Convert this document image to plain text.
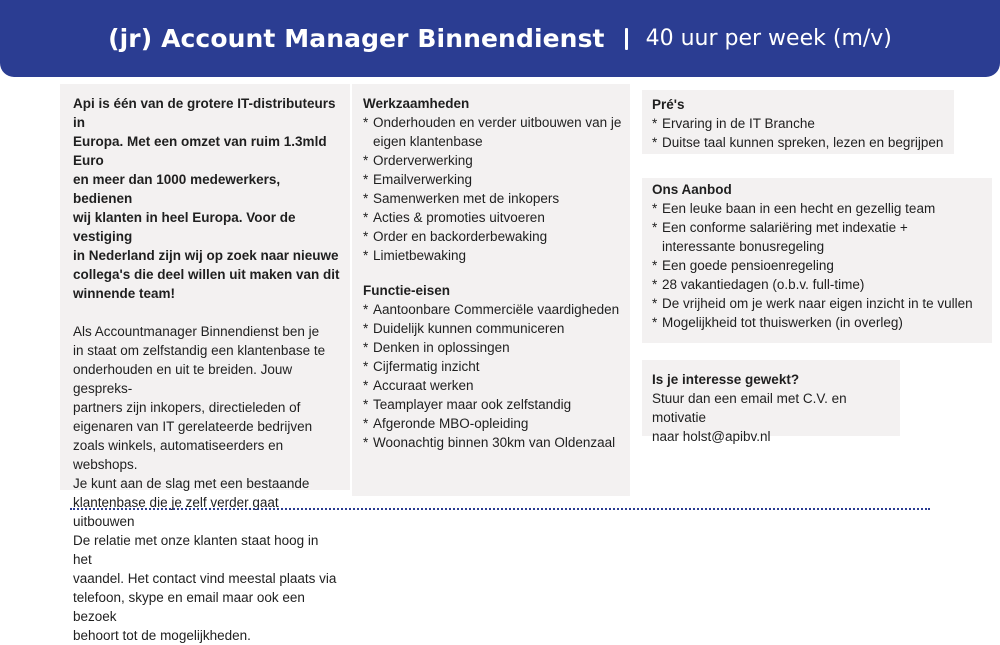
(jr) Account Manager Binnendienst 40 uur per week (m/v)

Api is één van de grotere IT-distributeurs in
Europa. Met een omzet van ruim 1.3mld Euro
en meer dan 1000 medewerkers, bedienen
wij klanten in heel Europa. Voor de vestiging
in Nederland zijn wij op zoek naar nieuwe
collega's die deel willen uit maken van dit
winnende team!

Als Accountmanager Binnendienst ben je
in staat om zelfstandig een klantenbase te
onderhouden en uit te breiden. Jouw gespreks-
partners zijn inkopers, directieleden of
eigenaren van IT gerelateerde bedrijven
zoals winkels, automatiseerders en webshops.
Je kunt aan de slag met een bestaande
klantenbase die je zelf verder gaat uitbouwen
De relatie met onze klanten staat hoog in het
vaandel. Het contact vind meestal plaats via
telefoon, skype en email maar ook een bezoek
behoort tot de mogelijkheden.

Werkzaamheden

* Onderhouden en verder uitbouwen van je
eigen klantenbase
* Orderverwerking
* Emailverwerking
* Samenwerken met de inkopers
* Acties & promoties uitvoeren
* Order en backorderbewaking
* Limietbewaking

Functie-eisen

* Aantoonbare Commerciële vaardigheden
* Duidelijk kunnen communiceren
* Denken in oplossingen
* Cijfermatig inzicht
* Accuraat werken
* Teamplayer maar ook zelfstandig
* Afgeronde MBO-opleiding
* Woonachtig binnen 30km van Oldenzaal

Pré's

* Ervaring in de IT Branche
* Duitse taal kunnen spreken, lezen en begrijpen

Ons Aanbod

* Een leuke baan in een hecht en gezellig team
* Een conforme salariëring met indexatie +
interessante bonusregeling
* Een goede pensioenregeling
* 28 vakantiedagen (o.b.v. full-time)
* De vrijheid om je werk naar eigen inzicht in te vullen
* Mogelijkheid tot thuiswerken (in overleg)

Is je interesse gewekt?

Stuur dan een email met C.V. en motivatie
naar holst@apibv.nl
